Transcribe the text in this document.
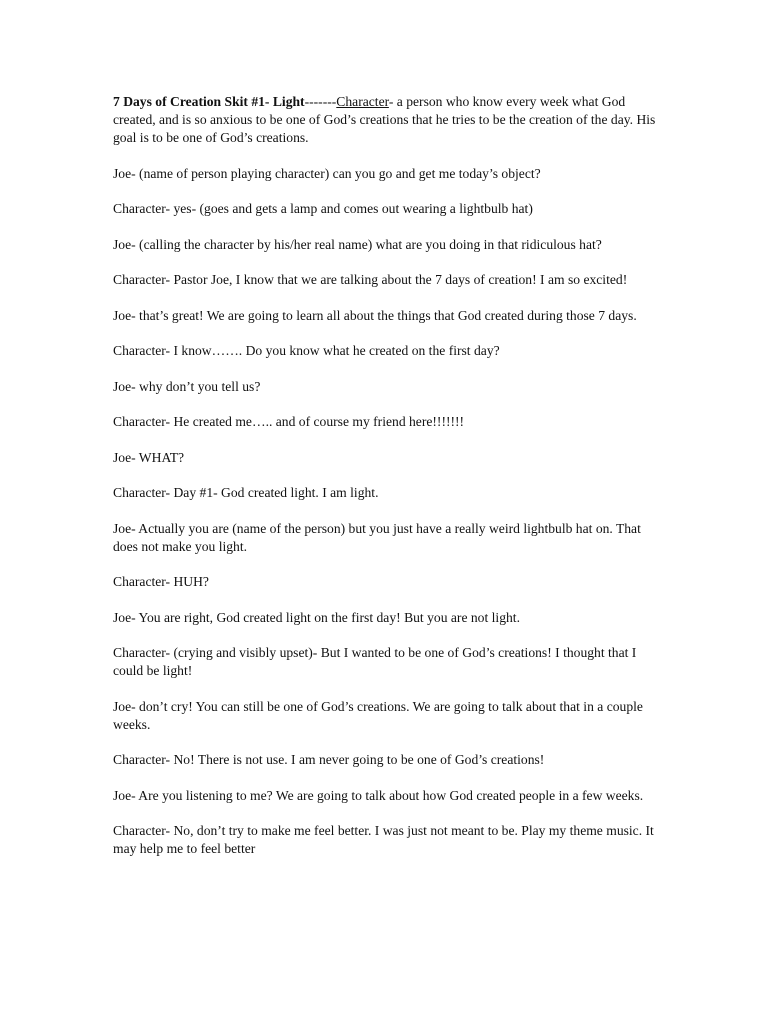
7 Days of Creation Skit #1- Light-------Character- a person who know every week what God created, and is so anxious to be one of God’s creations that he tries to be the creation of the day. His goal is to be one of God’s creations.

Joe- (name of person playing character) can you go and get me today’s object?

Character- yes- (goes and gets a lamp and comes out wearing a lightbulb hat)

Joe- (calling the character by his/her real name) what are you doing in that ridiculous hat?

Character- Pastor Joe, I know that we are talking about the 7 days of creation! I am so excited!

Joe- that’s great! We are going to learn all about the things that God created during those 7 days.

Character- I know……. Do you know what he created on the first day?

Joe- why don’t you tell us?

Character- He created me….. and of course my friend here!!!!!!!

Joe- WHAT?

Character- Day #1- God created light. I am light.

Joe- Actually you are (name of the person) but you just have a really weird lightbulb hat on. That does not make you light.

Character- HUH?

Joe- You are right, God created light on the first day! But you are not light.

Character- (crying and visibly upset)- But I wanted to be one of God’s creations! I thought that I could be light!

Joe- don’t cry! You can still be one of God’s creations. We are going to talk about that in a couple weeks.

Character- No! There is not use. I am never going to be one of God’s creations!

Joe- Are you listening to me? We are going to talk about how God created people in a few weeks.

Character- No, don’t try to make me feel better. I was just not meant to be. Play my theme music. It may help me to feel better
